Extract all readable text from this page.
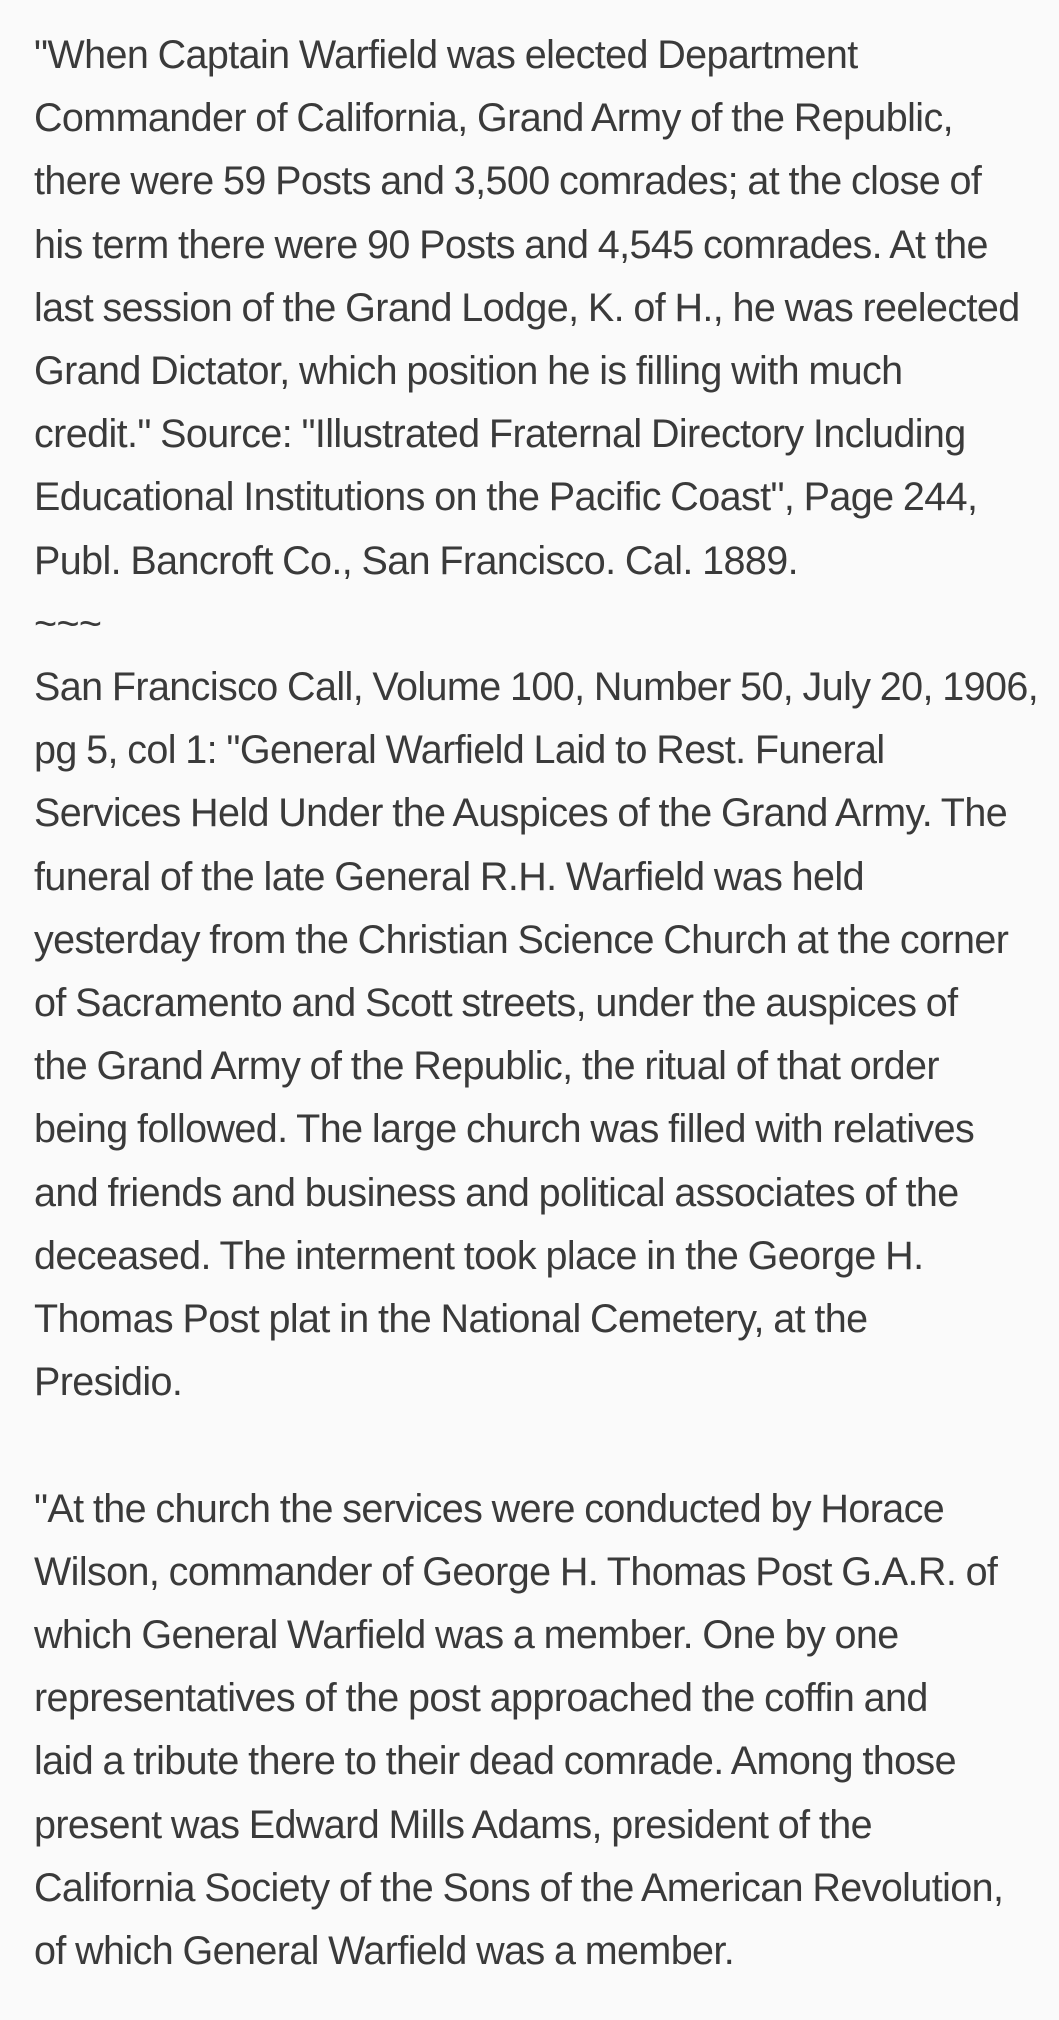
"When Captain Warfield was elected Department
Commander of California, Grand Army of the Republic,
there were 59 Posts and 3,500 comrades; at the close of
his term there were 90 Posts and 4,545 comrades. At the
last session of the Grand Lodge, K. of H., he was reelected
Grand Dictator, which position he is filling with much
credit." Source: "Illustrated Fraternal Directory Including
Educational Institutions on the Pacific Coast", Page 244,
Publ. Bancroft Co., San Francisco. Cal. 1889.

~~~

San Francisco Call, Volume 100, Number 50, July 20, 1906,
pg 5, col 1: "General Warfield Laid to Rest. Funeral
Services Held Under the Auspices of the Grand Army. The
funeral of the late General R.H. Warfield was held
yesterday from the Christian Science Church at the corner
of Sacramento and Scott streets, under the auspices of
the Grand Army of the Republic, the ritual of that order
being followed. The large church was filled with relatives
and friends and business and political associates of the
deceased. The interment took place in the George H.
Thomas Post plat in the National Cemetery, at the
Presidio.

"At the church the services were conducted by Horace
Wilson, commander of George H. Thomas Post G.A.R. of
which General Warfield was a member. One by one
representatives of the post approached the coffin and
laid a tribute there to their dead comrade. Among those
present was Edward Mills Adams, president of the
California Society of the Sons of the American Revolution,
of which General Warfield was a member.
